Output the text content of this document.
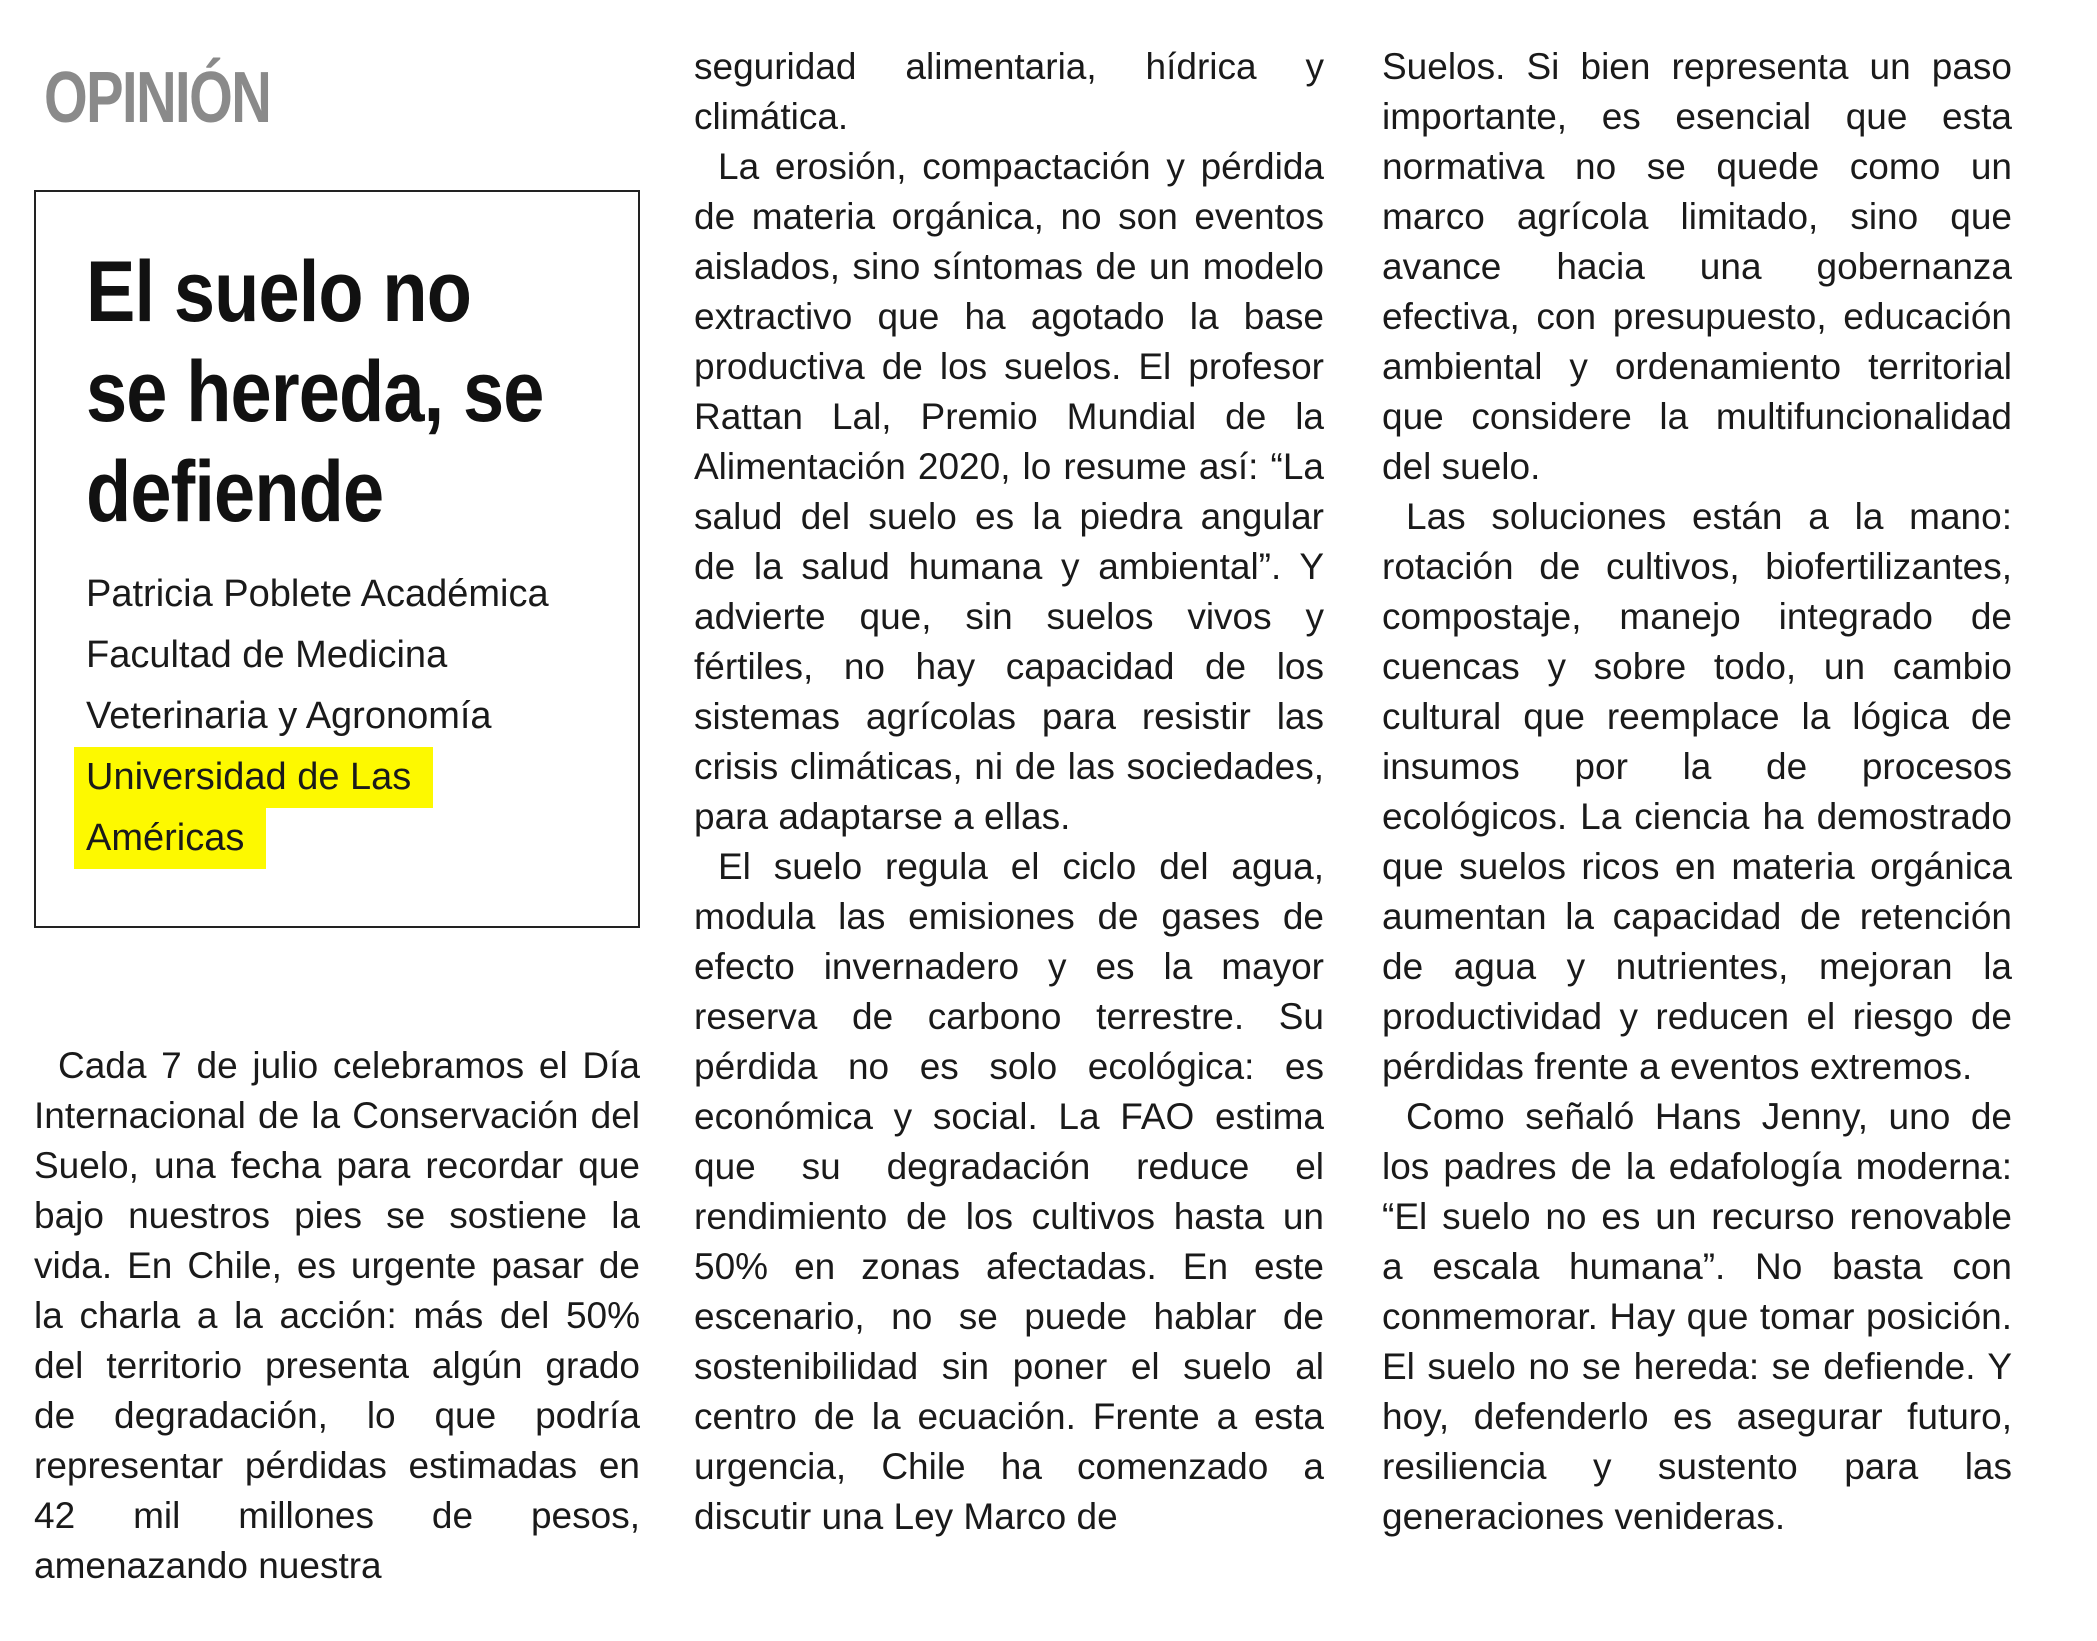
OPINIÓN
El suelo no se hereda, se defiende
Patricia Poblete Académica
Facultad de Medicina
Veterinaria y Agronomía
Universidad de Las
Américas

Cada 7 de julio celebramos el Día Internacional de la Conservación del Suelo, una fecha para recordar que bajo nuestros pies se sostiene la vida. En Chile, es urgente pasar de la charla a la acción: más del 50% del territorio presenta algún grado de degradación, lo que podría representar pérdidas estimadas en 42 mil millones de pesos, amenazando nuestra

seguridad alimentaria, hídrica y climática.

La erosión, compactación y pérdida de materia orgánica, no son eventos aislados, sino síntomas de un modelo extractivo que ha agotado la base productiva de los suelos. El profesor Rattan Lal, Premio Mundial de la Alimentación 2020, lo resume así: “La salud del suelo es la piedra angular de la salud humana y ambiental”. Y advierte que, sin suelos vivos y fértiles, no hay capacidad de los sistemas agrícolas para resistir las crisis climáticas, ni de las sociedades, para adaptarse a ellas.

El suelo regula el ciclo del agua, modula las emisiones de gases de efecto invernadero y es la mayor reserva de carbono terrestre. Su pérdida no es solo ecológica: es económica y social. La FAO estima que su degradación reduce el rendimiento de los cultivos hasta un 50% en zonas afectadas. En este escenario, no se puede hablar de sostenibilidad sin poner el suelo al centro de la ecuación. Frente a esta urgencia, Chile ha comenzado a discutir una Ley Marco de

Suelos. Si bien representa un paso importante, es esencial que esta normativa no se quede como un marco agrícola limitado, sino que avance hacia una gobernanza efectiva, con presupuesto, educación ambiental y ordenamiento territorial que considere la multifuncionalidad del suelo.

Las soluciones están a la mano: rotación de cultivos, biofertilizantes, compostaje, manejo integrado de cuencas y sobre todo, un cambio cultural que reemplace la lógica de insumos por la de procesos ecológicos. La ciencia ha demostrado que suelos ricos en materia orgánica aumentan la capacidad de retención de agua y nutrientes, mejoran la productividad y reducen el riesgo de pérdidas frente a eventos extremos.

Como señaló Hans Jenny, uno de los padres de la edafología moderna: “El suelo no es un recurso renovable a escala humana”. No basta con conmemorar. Hay que tomar posición. El suelo no se hereda: se defiende. Y hoy, defenderlo es asegurar futuro, resiliencia y sustento para las generaciones venideras.
